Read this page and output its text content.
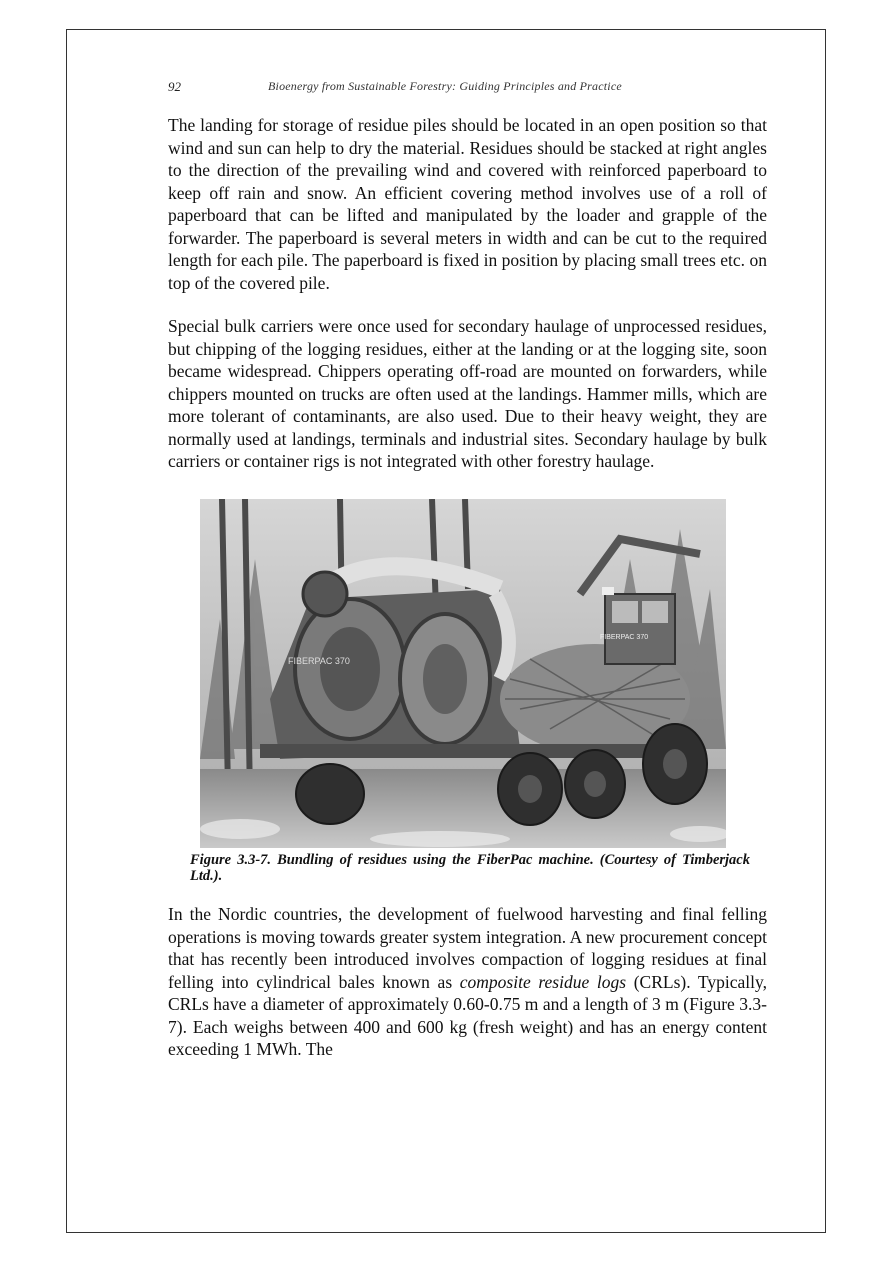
92	Bioenergy from Sustainable Forestry: Guiding Principles and Practice

The landing for storage of residue piles should be located in an open position so that wind and sun can help to dry the material. Residues should be stacked at right angles to the direction of the prevailing wind and covered with reinforced paperboard to keep off rain and snow. An efficient covering method involves use of a roll of paperboard that can be lifted and manipulated by the loader and grapple of the forwarder. The paperboard is several meters in width and can be cut to the required length for each pile. The paperboard is fixed in position by placing small trees etc. on top of the covered pile.

Special bulk carriers were once used for secondary haulage of unprocessed residues, but chipping of the logging residues, either at the landing or at the logging site, soon became widespread. Chippers operating off-road are mounted on forwarders, while chippers mounted on trucks are often used at the landings. Hammer mills, which are more tolerant of contaminants, are also used. Due to their heavy weight, they are normally used at landings, terminals and industrial sites. Secondary haulage by bulk carriers or container rigs is not integrated with other forestry haulage.

FIBERPAC 370
FIBERPAC 370

Figure 3.3-7. Bundling of residues using the FiberPac machine. (Courtesy of Timberjack Ltd.).

In the Nordic countries, the development of fuelwood harvesting and final felling operations is moving towards greater system integration. A new procurement concept that has recently been introduced involves compaction of logging residues at final felling into cylindrical bales known as composite residue logs (CRLs). Typically, CRLs have a diameter of approximately 0.60-0.75 m and a length of 3 m (Figure 3.3-7). Each weighs between 400 and 600 kg (fresh weight) and has an energy content exceeding 1 MWh. The
